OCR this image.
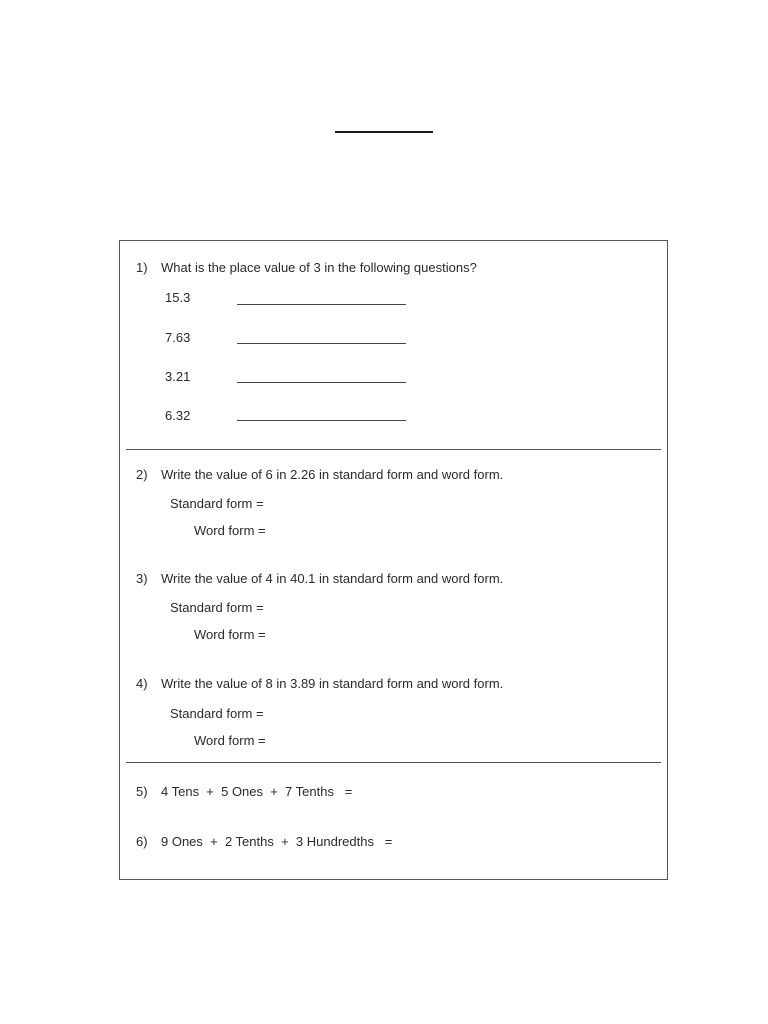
1) What is the place value of 3 in the following questions?
15.3
7.63
3.21
6.32
2) Write the value of 6 in 2.26 in standard form and word form.
Standard form =
Word form =
3) Write the value of 4 in 40.1 in standard form and word form.
Standard form =
Word form =
4) Write the value of 8 in 3.89 in standard form and word form.
Standard form =
Word form =
5) 4 Tens  +  5 Ones  +  7 Tenths   =
6) 9 Ones  +  2 Tenths  +  3 Hundredths   =
